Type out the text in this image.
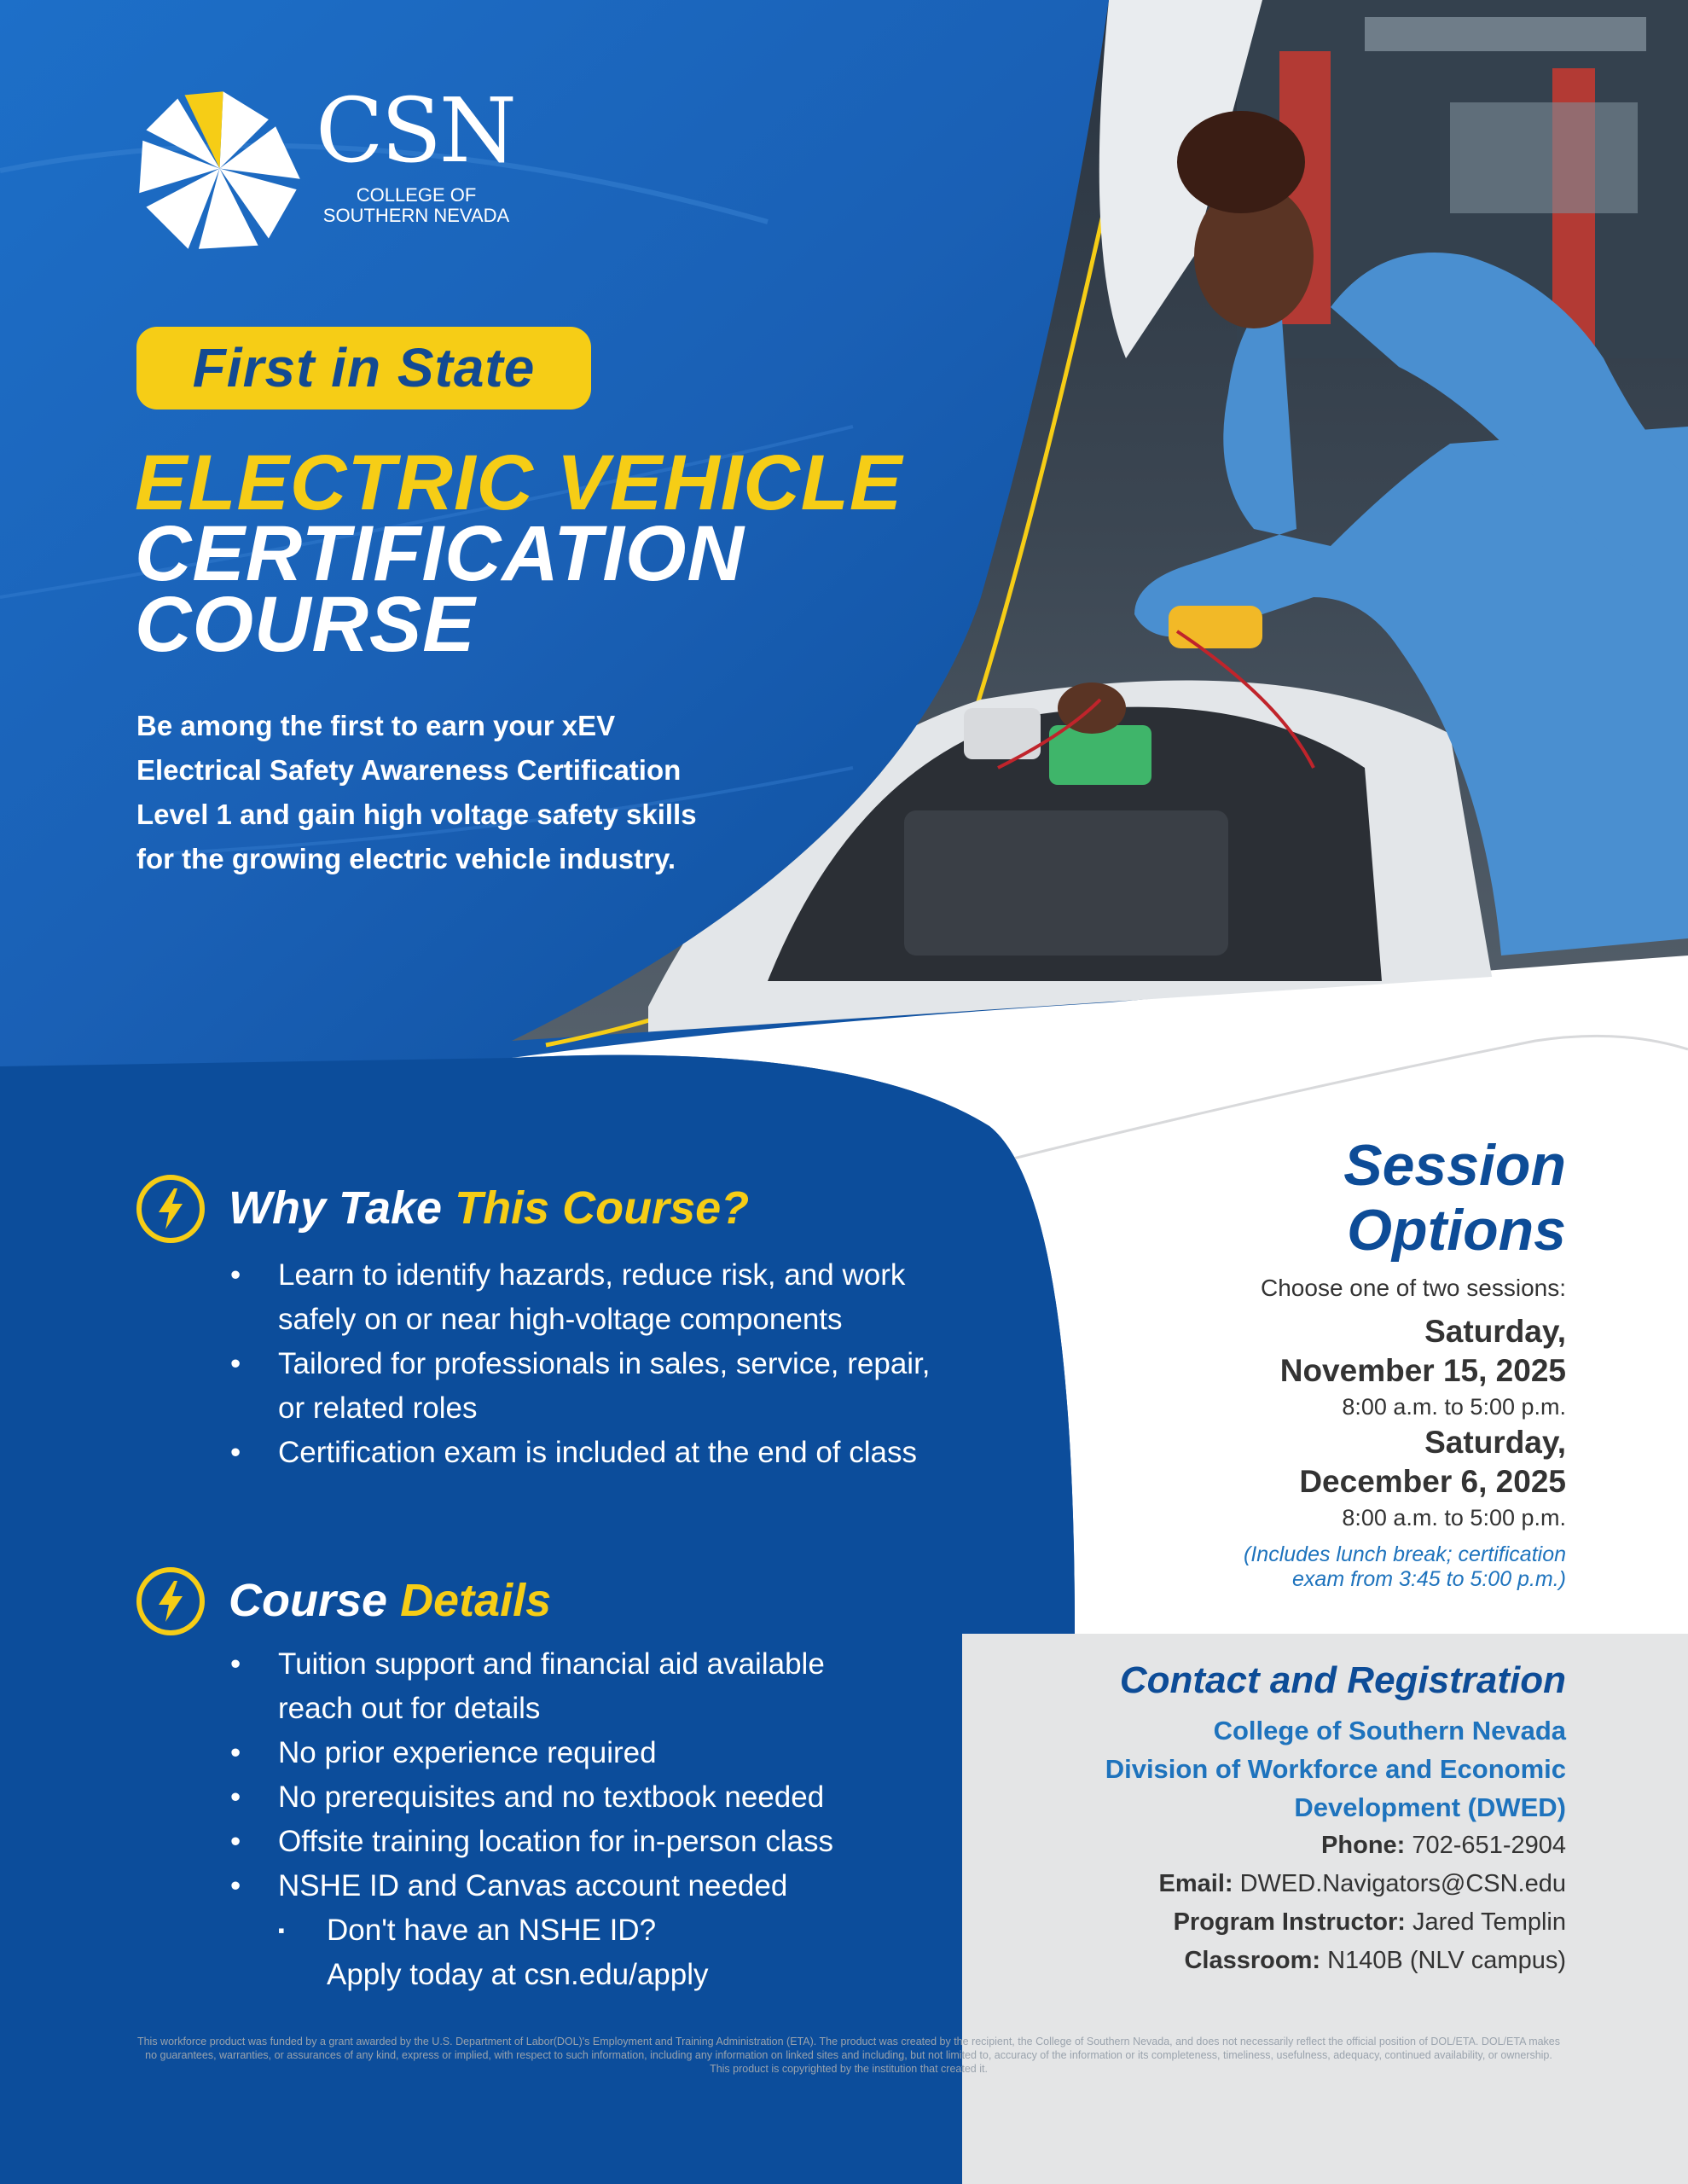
CSN
COLLEGE OF
SOUTHERN NEVADA
First in State
ELECTRIC VEHICLE
CERTIFICATION
COURSE
Be among the first to earn your xEV
Electrical Safety Awareness Certification
Level 1 and gain high voltage safety skills
for the growing electric vehicle industry.
Why Take This Course?
• Learn to identify hazards, reduce risk, and work
safely on or near high-voltage components
• Tailored for professionals in sales, service, repair,
or related roles
• Certification exam is included at the end of class
Course Details
• Tuition support and financial aid available
reach out for details
• No prior experience required
• No prerequisites and no textbook needed
• Offsite training location for in-person class
• NSHE ID and Canvas account needed
▪ Don't have an NSHE ID?
Apply today at csn.edu/apply
Session
Options
Choose one of two sessions:
Saturday,
November 15, 2025
8:00 a.m. to 5:00 p.m.
Saturday,
December 6, 2025
8:00 a.m. to 5:00 p.m.
(Includes lunch break; certification
exam from 3:45 to 5:00 p.m.)
Contact and Registration
College of Southern Nevada
Division of Workforce and Economic
Development (DWED)
Phone: 702-651-2904
Email: DWED.Navigators@CSN.edu
Program Instructor: Jared Templin
Classroom: N140B (NLV campus)
This workforce product was funded by a grant awarded by the U.S. Department of Labor(DOL)'s Employment and Training Administration (ETA). The product was created by the recipient, the College of Southern Nevada, and does not necessarily reflect the official position of DOL/ETA. DOL/ETA makes no guarantees, warranties, or assurances of any kind, express or implied, with respect to such information, including any information on linked sites and including, but not limited to, accuracy of the information or its completeness, timeliness, usefulness, adequacy, continued availability, or ownership. This product is copyrighted by the institution that created it.
